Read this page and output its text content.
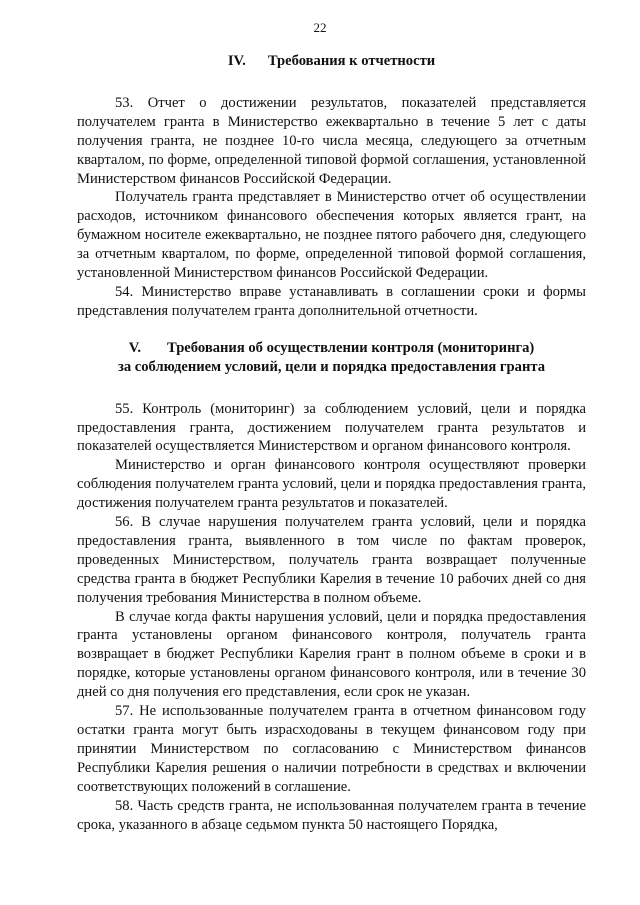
22

IV. Требования к отчетности

53. Отчет о достижении результатов, показателей представляется получателем гранта в Министерство ежеквартально в течение 5 лет с даты получения гранта, не позднее 10-го числа месяца, следующего за отчетным кварталом, по форме, определенной типовой формой соглашения, установленной Министерством финансов Российской Федерации.

Получатель гранта представляет в Министерство отчет об осуществлении расходов, источником финансового обеспечения которых является грант, на бумажном носителе ежеквартально, не позднее пятого рабочего дня, следующего за отчетным кварталом, по форме, определенной типовой формой соглашения, установленной Министерством финансов Российской Федерации.

54. Министерство вправе устанавливать в соглашении сроки и формы представления получателем гранта дополнительной отчетности.

V. Требования об осуществлении контроля (мониторинга)
за соблюдением условий, цели и порядка предоставления гранта

55. Контроль (мониторинг) за соблюдением условий, цели и порядка предоставления гранта, достижением получателем гранта результатов и показателей осуществляется Министерством и органом финансового контроля.

Министерство и орган финансового контроля осуществляют проверки соблюдения получателем гранта условий, цели и порядка предоставления гранта, достижения получателем гранта результатов и показателей.

56. В случае нарушения получателем гранта условий, цели и порядка предоставления гранта, выявленного в том числе по фактам проверок, проведенных Министерством, получатель гранта возвращает полученные средства гранта в бюджет Республики Карелия в течение 10 рабочих дней со дня получения требования Министерства в полном объеме.

В случае когда факты нарушения условий, цели и порядка предоставления гранта установлены органом финансового контроля, получатель гранта возвращает в бюджет Республики Карелия грант в полном объеме в сроки и в порядке, которые установлены органом финансового контроля, или в течение 30 дней со дня получения его представления, если срок не указан.

57. Не использованные получателем гранта в отчетном финансовом году остатки гранта могут быть израсходованы в текущем финансовом году при принятии Министерством по согласованию с Министерством финансов Республики Карелия решения о наличии потребности в средствах и включении соответствующих положений в соглашение.

58. Часть средств гранта, не использованная получателем гранта в течение срока, указанного в абзаце седьмом пункта 50 настоящего Порядка,
